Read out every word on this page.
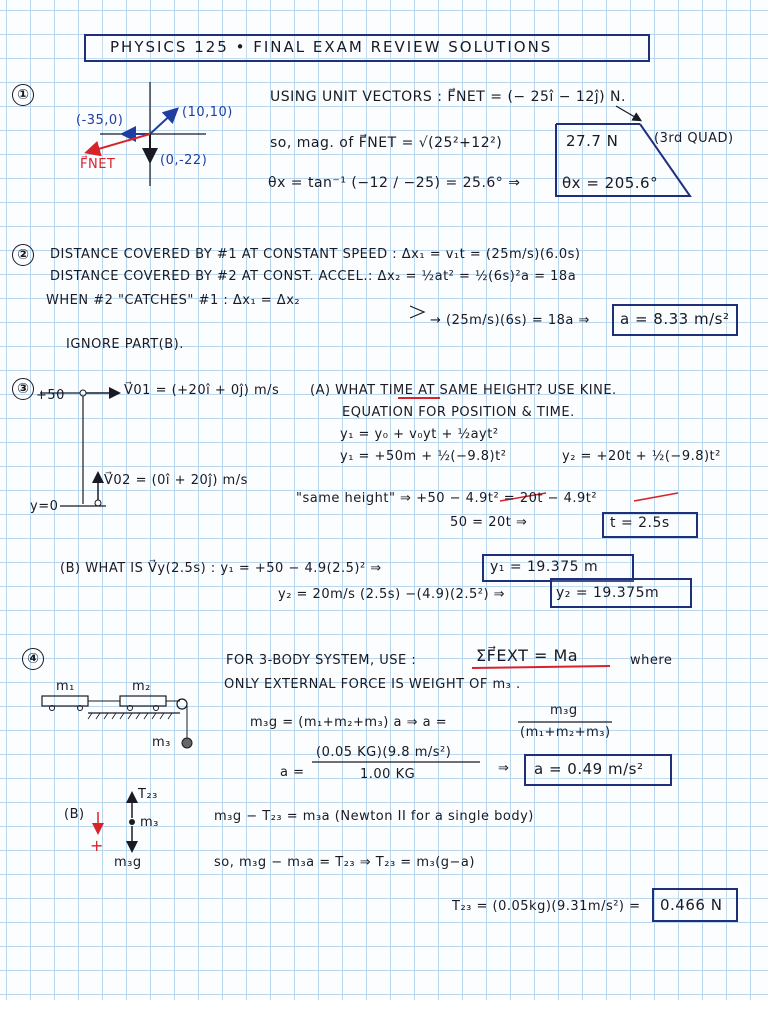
PHYSICS 125 • FINAL EXAM REVIEW SOLUTIONS
①
(-35,0)
(10,10)
(0,-22)
F⃗NET
USING UNIT VECTORS : F⃗NET = (− 25î − 12ĵ) N.
so, mag. of F⃗NET = √(25²+12²)
θx = tan⁻¹ (−12 / −25) = 25.6° ⇒
27.7 N	(3rd QUAD)
θx = 205.6°
②	DISTANCE COVERED BY #1 AT CONSTANT SPEED : Δx₁ = v₁t = (25m/s)(6.0s)
DISTANCE COVERED BY #2 AT CONST. ACCEL.: Δx₂ = ½at² = ½(6s)²a = 18a
WHEN #2 "CATCHES" #1 : Δx₁ = Δx₂
→ (25m/s)(6s) = 18a ⇒ a = 8.33 m/s²
IGNORE PART(B).
③ +50	V⃗01 = (+20î + 0ĵ) m/s
V⃗02 = (0î + 20ĵ) m/s
y=0
(A) WHAT TIME AT SAME HEIGHT? USE KINE.
EQUATION FOR POSITION & TIME.
y₁ = y₀ + v₀yt + ½ayt²
y₁ = +50m + ½(−9.8)t²	y₂ = +20t + ½(−9.8)t²
"same height" ⇒ +50 − 4.9t² = 20t − 4.9t²
50 = 20t ⇒	t = 2.5s
(B) WHAT IS V⃗y(2.5s) : y₁ = +50 − 4.9(2.5)² ⇒	y₁ = 19.375 m
y₂ = 20m/s (2.5s) −(4.9)(2.5²) ⇒	y₂ = 19.375m
④
m₁	m₂
m₃
FOR 3-BODY SYSTEM, USE :	ΣF⃗EXT = Ma	where
ONLY EXTERNAL FORCE IS WEIGHT OF m₃ .
m₃g = (m₁+m₂+m₃) a ⇒ a =
m₃g
(m₁+m₂+m₃)
a =
(0.05 KG)(9.8 m/s²)
1.00 KG	⇒ a = 0.49 m/s²
(B)
+
T₂₃
m₃
m₃g
m₃g − T₂₃ = m₃a (Newton II for a single body)
so, m₃g − m₃a = T₂₃ ⇒ T₂₃ = m₃(g−a)
T₂₃ = (0.05kg)(9.31m/s²) = 0.466 N
